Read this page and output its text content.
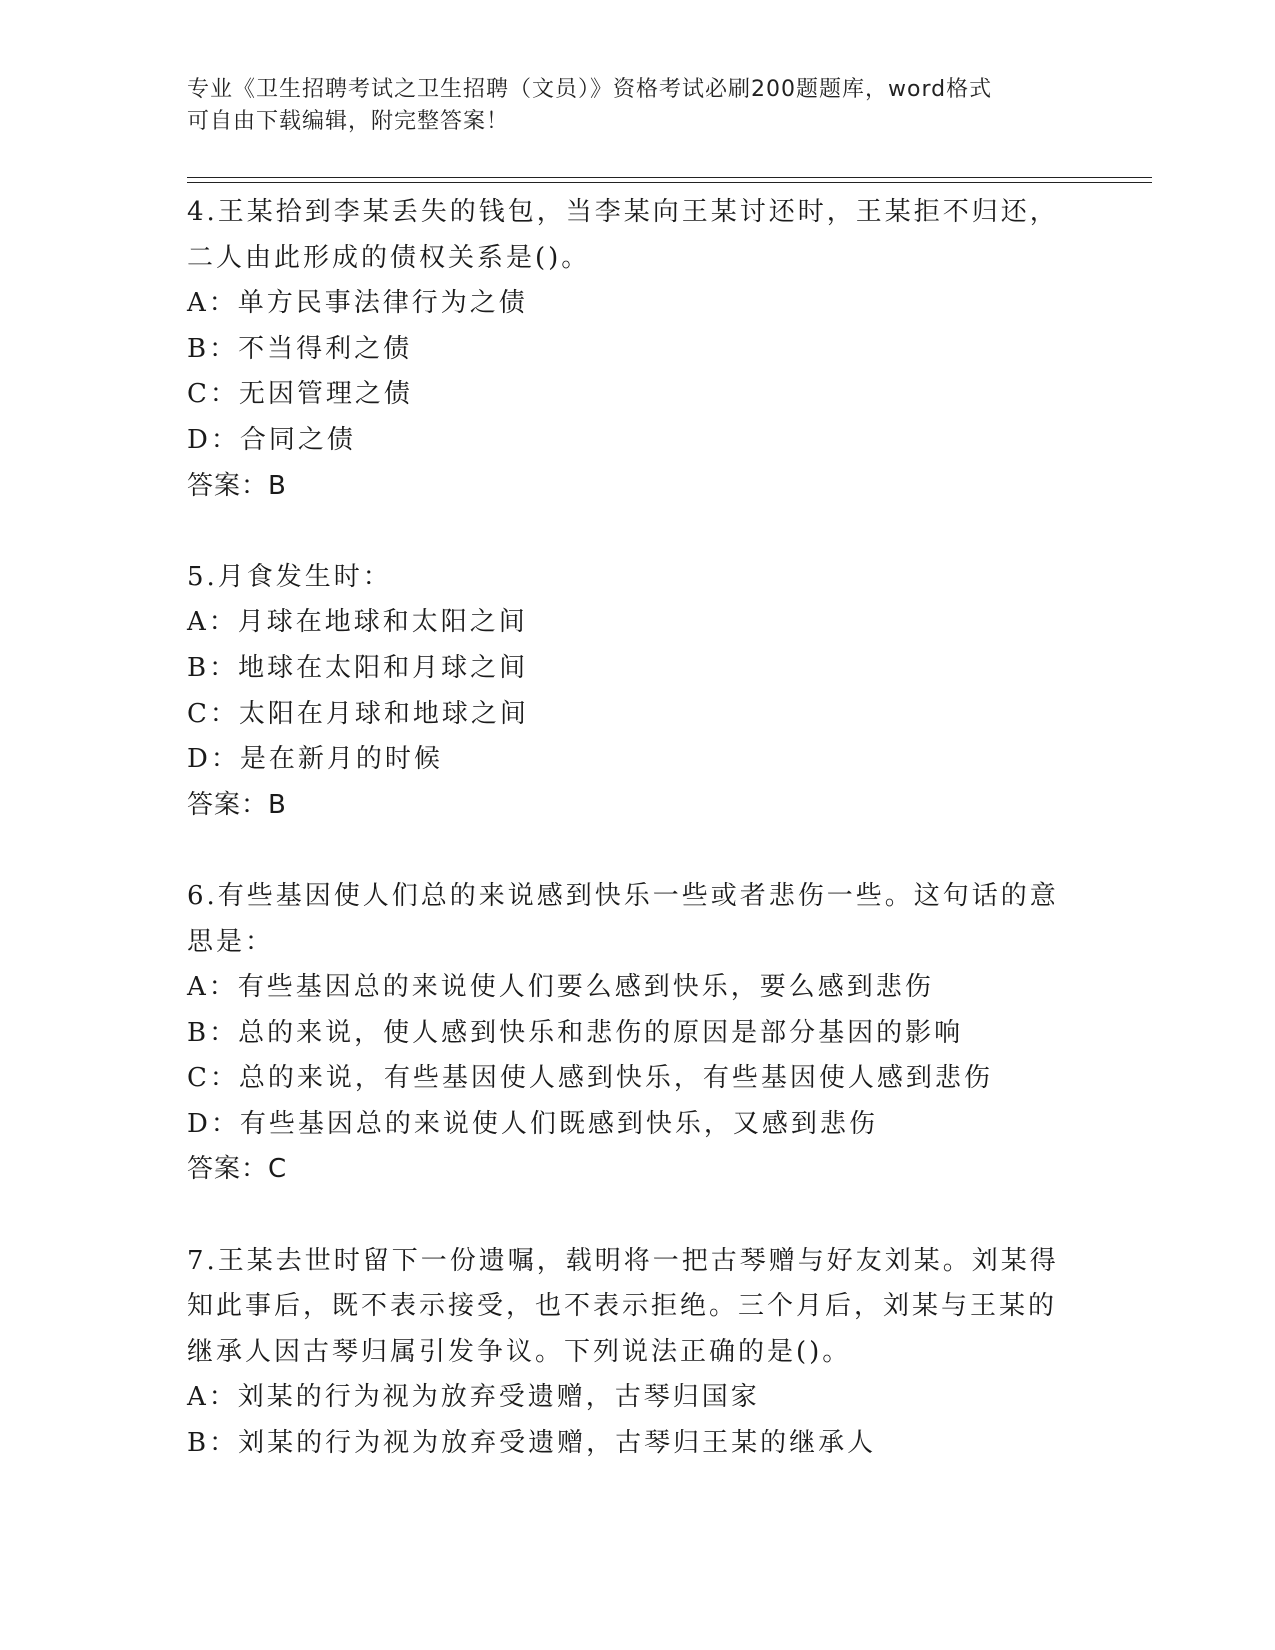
专业《卫生招聘考试之卫生招聘（文员）》资格考试必刷200题题库，word格式
可自由下载编辑，附完整答案！
4.王某拾到李某丢失的钱包，当李某向王某讨还时，王某拒不归还，
二人由此形成的债权关系是()。
A：单方民事法律行为之债
B：不当得利之债
C：无因管理之债
D：合同之债
答案：B
5.月食发生时：
A：月球在地球和太阳之间
B：地球在太阳和月球之间
C：太阳在月球和地球之间
D：是在新月的时候
答案：B
6.有些基因使人们总的来说感到快乐一些或者悲伤一些。这句话的意
思是：
A：有些基因总的来说使人们要么感到快乐，要么感到悲伤
B：总的来说，使人感到快乐和悲伤的原因是部分基因的影响
C：总的来说，有些基因使人感到快乐，有些基因使人感到悲伤
D：有些基因总的来说使人们既感到快乐，又感到悲伤
答案：C
7.王某去世时留下一份遗嘱，载明将一把古琴赠与好友刘某。刘某得
知此事后，既不表示接受，也不表示拒绝。三个月后，刘某与王某的
继承人因古琴归属引发争议。下列说法正确的是()。
A：刘某的行为视为放弃受遗赠，古琴归国家
B：刘某的行为视为放弃受遗赠，古琴归王某的继承人
